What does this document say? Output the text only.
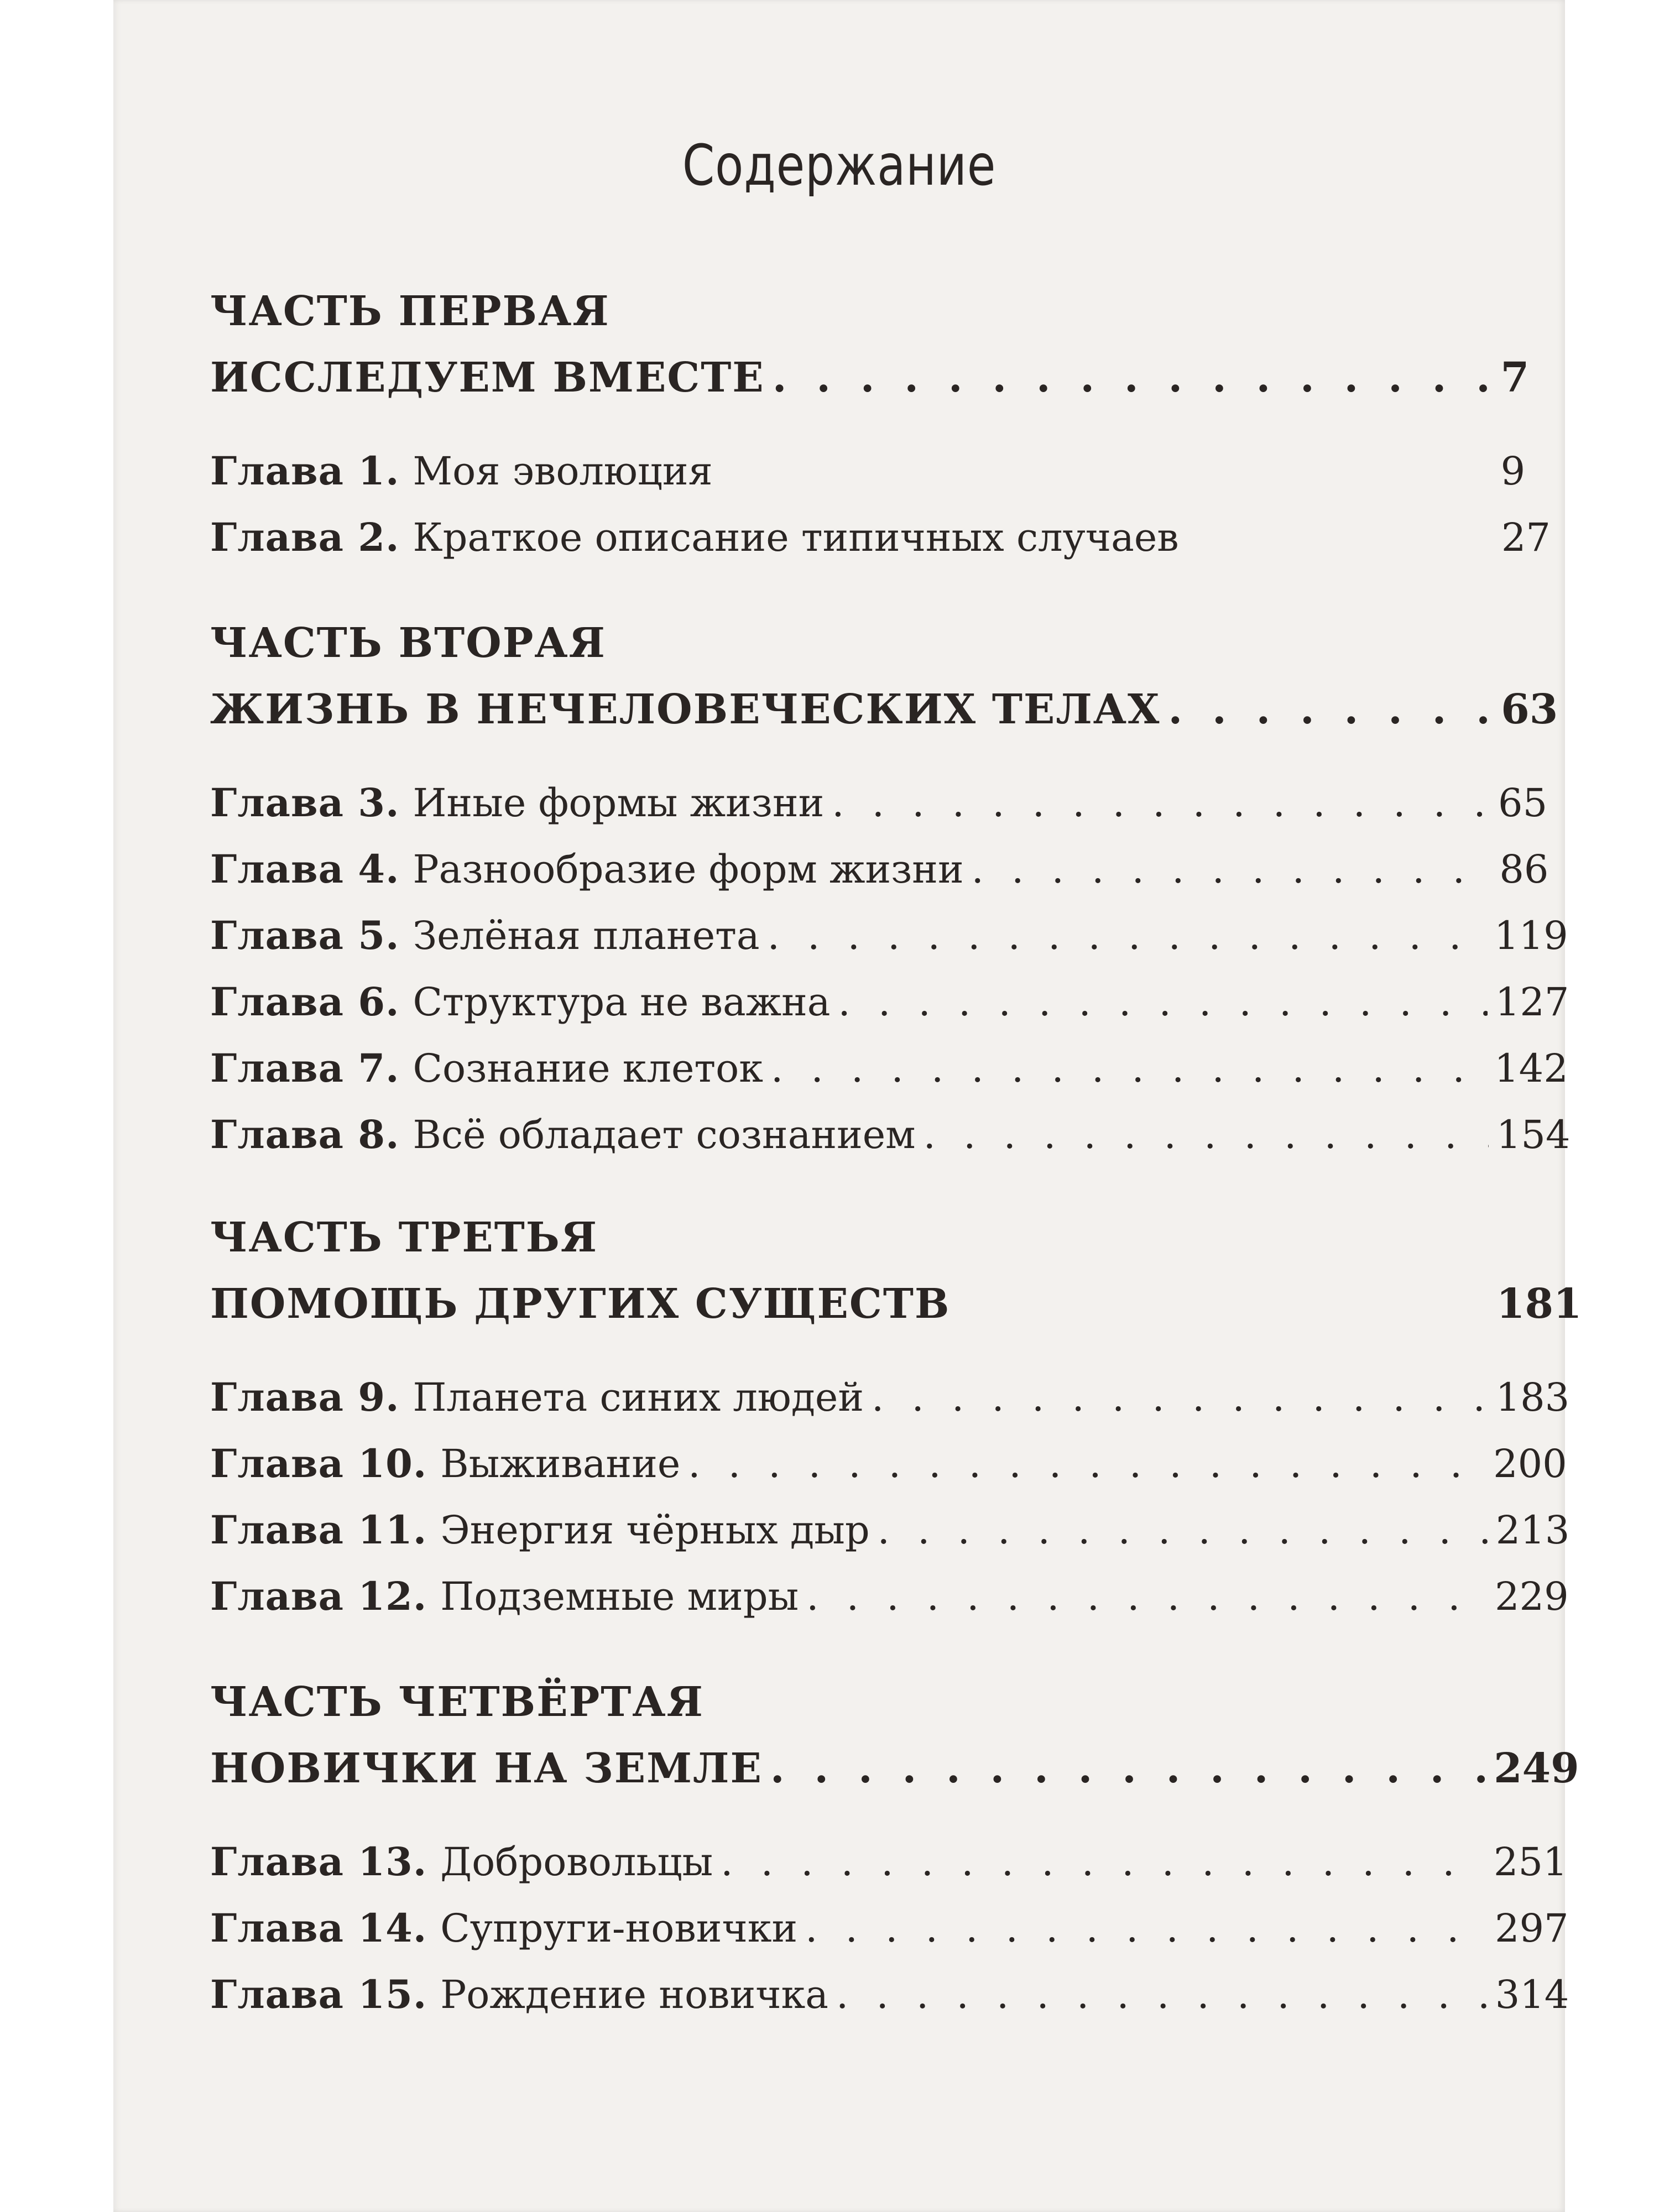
Содержание
ЧАСТЬ ПЕРВАЯ
ИССЛЕДУЕМ ВМЕСТЕ . . .	7
Глава 1. Моя эволюция	9
Глава 2. Краткое описание типичных случаев	27
ЧАСТЬ ВТОРАЯ
ЖИЗНЬ В НЕЧЕЛОВЕЧЕСКИХ ТЕЛАХ . . .	63
Глава 3. Иные формы жизни . . .	65
Глава 4. Разнообразие форм жизни . . .	86
Глава 5. Зелёная планета . . .	119
Глава 6. Структура не важна . . .	127
Глава 7. Сознание клеток . . .	142
Глава 8. Всё обладает сознанием . . .	154
ЧАСТЬ ТРЕТЬЯ
ПОМОЩЬ ДРУГИХ СУЩЕСТВ	181
Глава 9. Планета синих людей . . .	183
Глава 10. Выживание . . .	200
Глава 11. Энергия чёрных дыр . . .	213
Глава 12. Подземные миры . . .	229
ЧАСТЬ ЧЕТВЁРТАЯ
НОВИЧКИ НА ЗЕМЛЕ . . .	249
Глава 13. Добровольцы . . .	251
Глава 14. Супруги-новички . . .	297
Глава 15. Рождение новичка . . .	314
